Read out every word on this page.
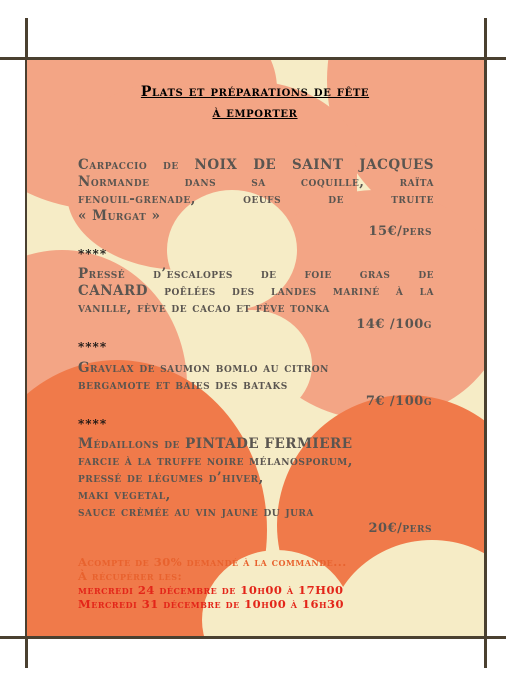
Plats et préparations de fête
à emporter
Carpaccio de NOIX DE SAINT JACQUES
Normande dans sa coquille, raïta
fenouil-grenade, oeufs de truite
« Murgat »
15€/pers
****
Pressé d’escalopes de foie gras de
CANARD poêlées des landes mariné à la
vanille, fève de cacao et fève tonka
14€ /100g
****
Gravlax de saumon bomlo au citron
bergamote et baies des bataks
7€ /100g
****
Médaillons de PINTADE FERMIERE
farcie à la truffe noire mélanosporum,
pressé de légumes d’hiver,
maki vegetal,
sauce crèmée au vin jaune du jura
20€/pers
Acompte de 30% demandé à la commande...
À récupérer les:
mercredi 24 décembre de 10h00 à 17H00
Mercredi 31 décembre de 10h00 à 16h30
